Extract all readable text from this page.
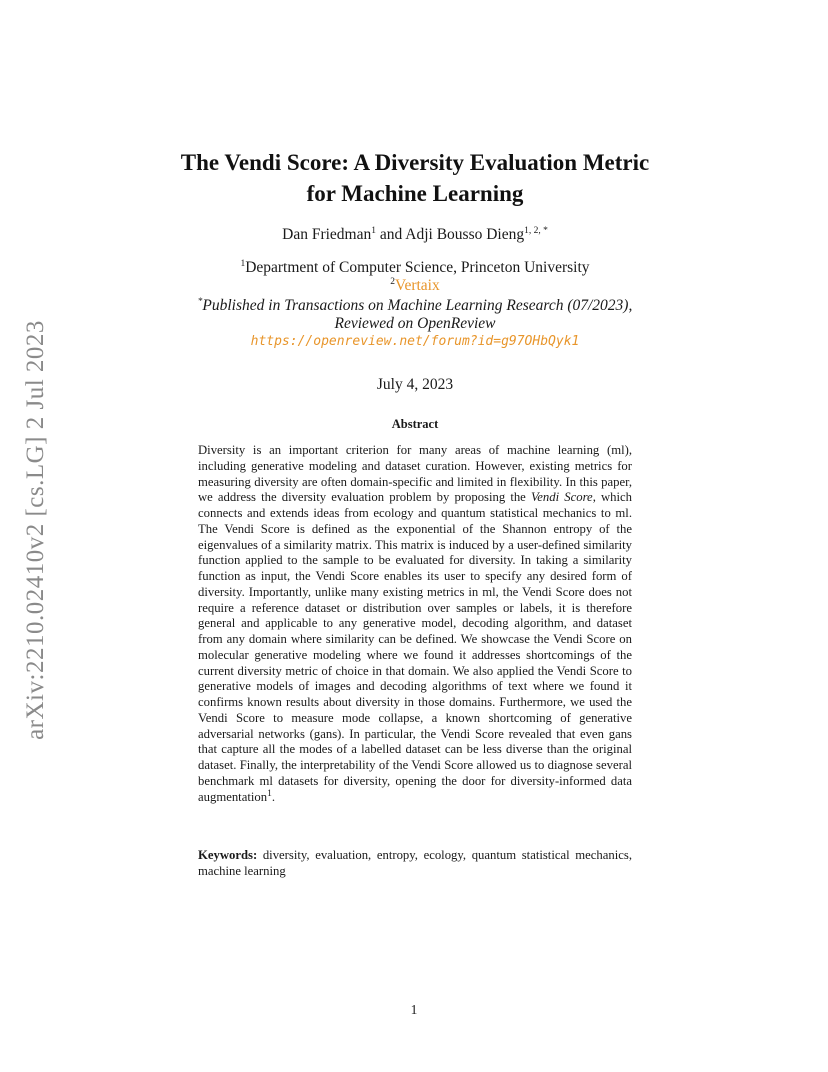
arXiv:2210.02410v2 [cs.LG] 2 Jul 2023
The Vendi Score: A Diversity Evaluation Metric
for Machine Learning
Dan Friedman$^1$ and Adji Bousso Dieng$^{1, 2, *}$
$^1$Department of Computer Science, Princeton University
$^2$Vertaix
*Published in Transactions on Machine Learning Research (07/2023),
Reviewed on OpenReview
https://openreview.net/forum?id=g97OHbQyk1
July 4, 2023
Abstract
Diversity is an important criterion for many areas of machine learning (ml), including generative modeling and dataset curation. However, existing metrics for measuring diversity are often domain-specific and limited in flexibility. In this paper, we address the diversity evaluation problem by proposing the Vendi Score, which connects and extends ideas from ecology and quantum statistical mechanics to ml. The Vendi Score is defined as the exponential of the Shannon entropy of the eigenvalues of a similarity matrix. This matrix is induced by a user-defined similarity function applied to the sample to be evaluated for diversity. In taking a similarity function as input, the Vendi Score enables its user to specify any desired form of diversity. Importantly, unlike many existing metrics in ml, the Vendi Score does not require a reference dataset or distribution over samples or labels, it is therefore general and applicable to any generative model, decoding algorithm, and dataset from any domain where similarity can be defined. We showcase the Vendi Score on molecular generative modeling where we found it addresses shortcomings of the current diversity metric of choice in that domain. We also applied the Vendi Score to generative models of images and decoding algorithms of text where we found it confirms known results about diversity in those domains. Furthermore, we used the Vendi Score to measure mode collapse, a known shortcoming of generative adversarial networks (gans). In particular, the Vendi Score revealed that even gans that capture all the modes of a labelled dataset can be less diverse than the original dataset. Finally, the interpretability of the Vendi Score allowed us to diagnose several benchmark ml datasets for diversity, opening the door for diversity-informed data augmentation$^1$.
Keywords: diversity, evaluation, entropy, ecology, quantum statistical mechanics, machine learning
1
